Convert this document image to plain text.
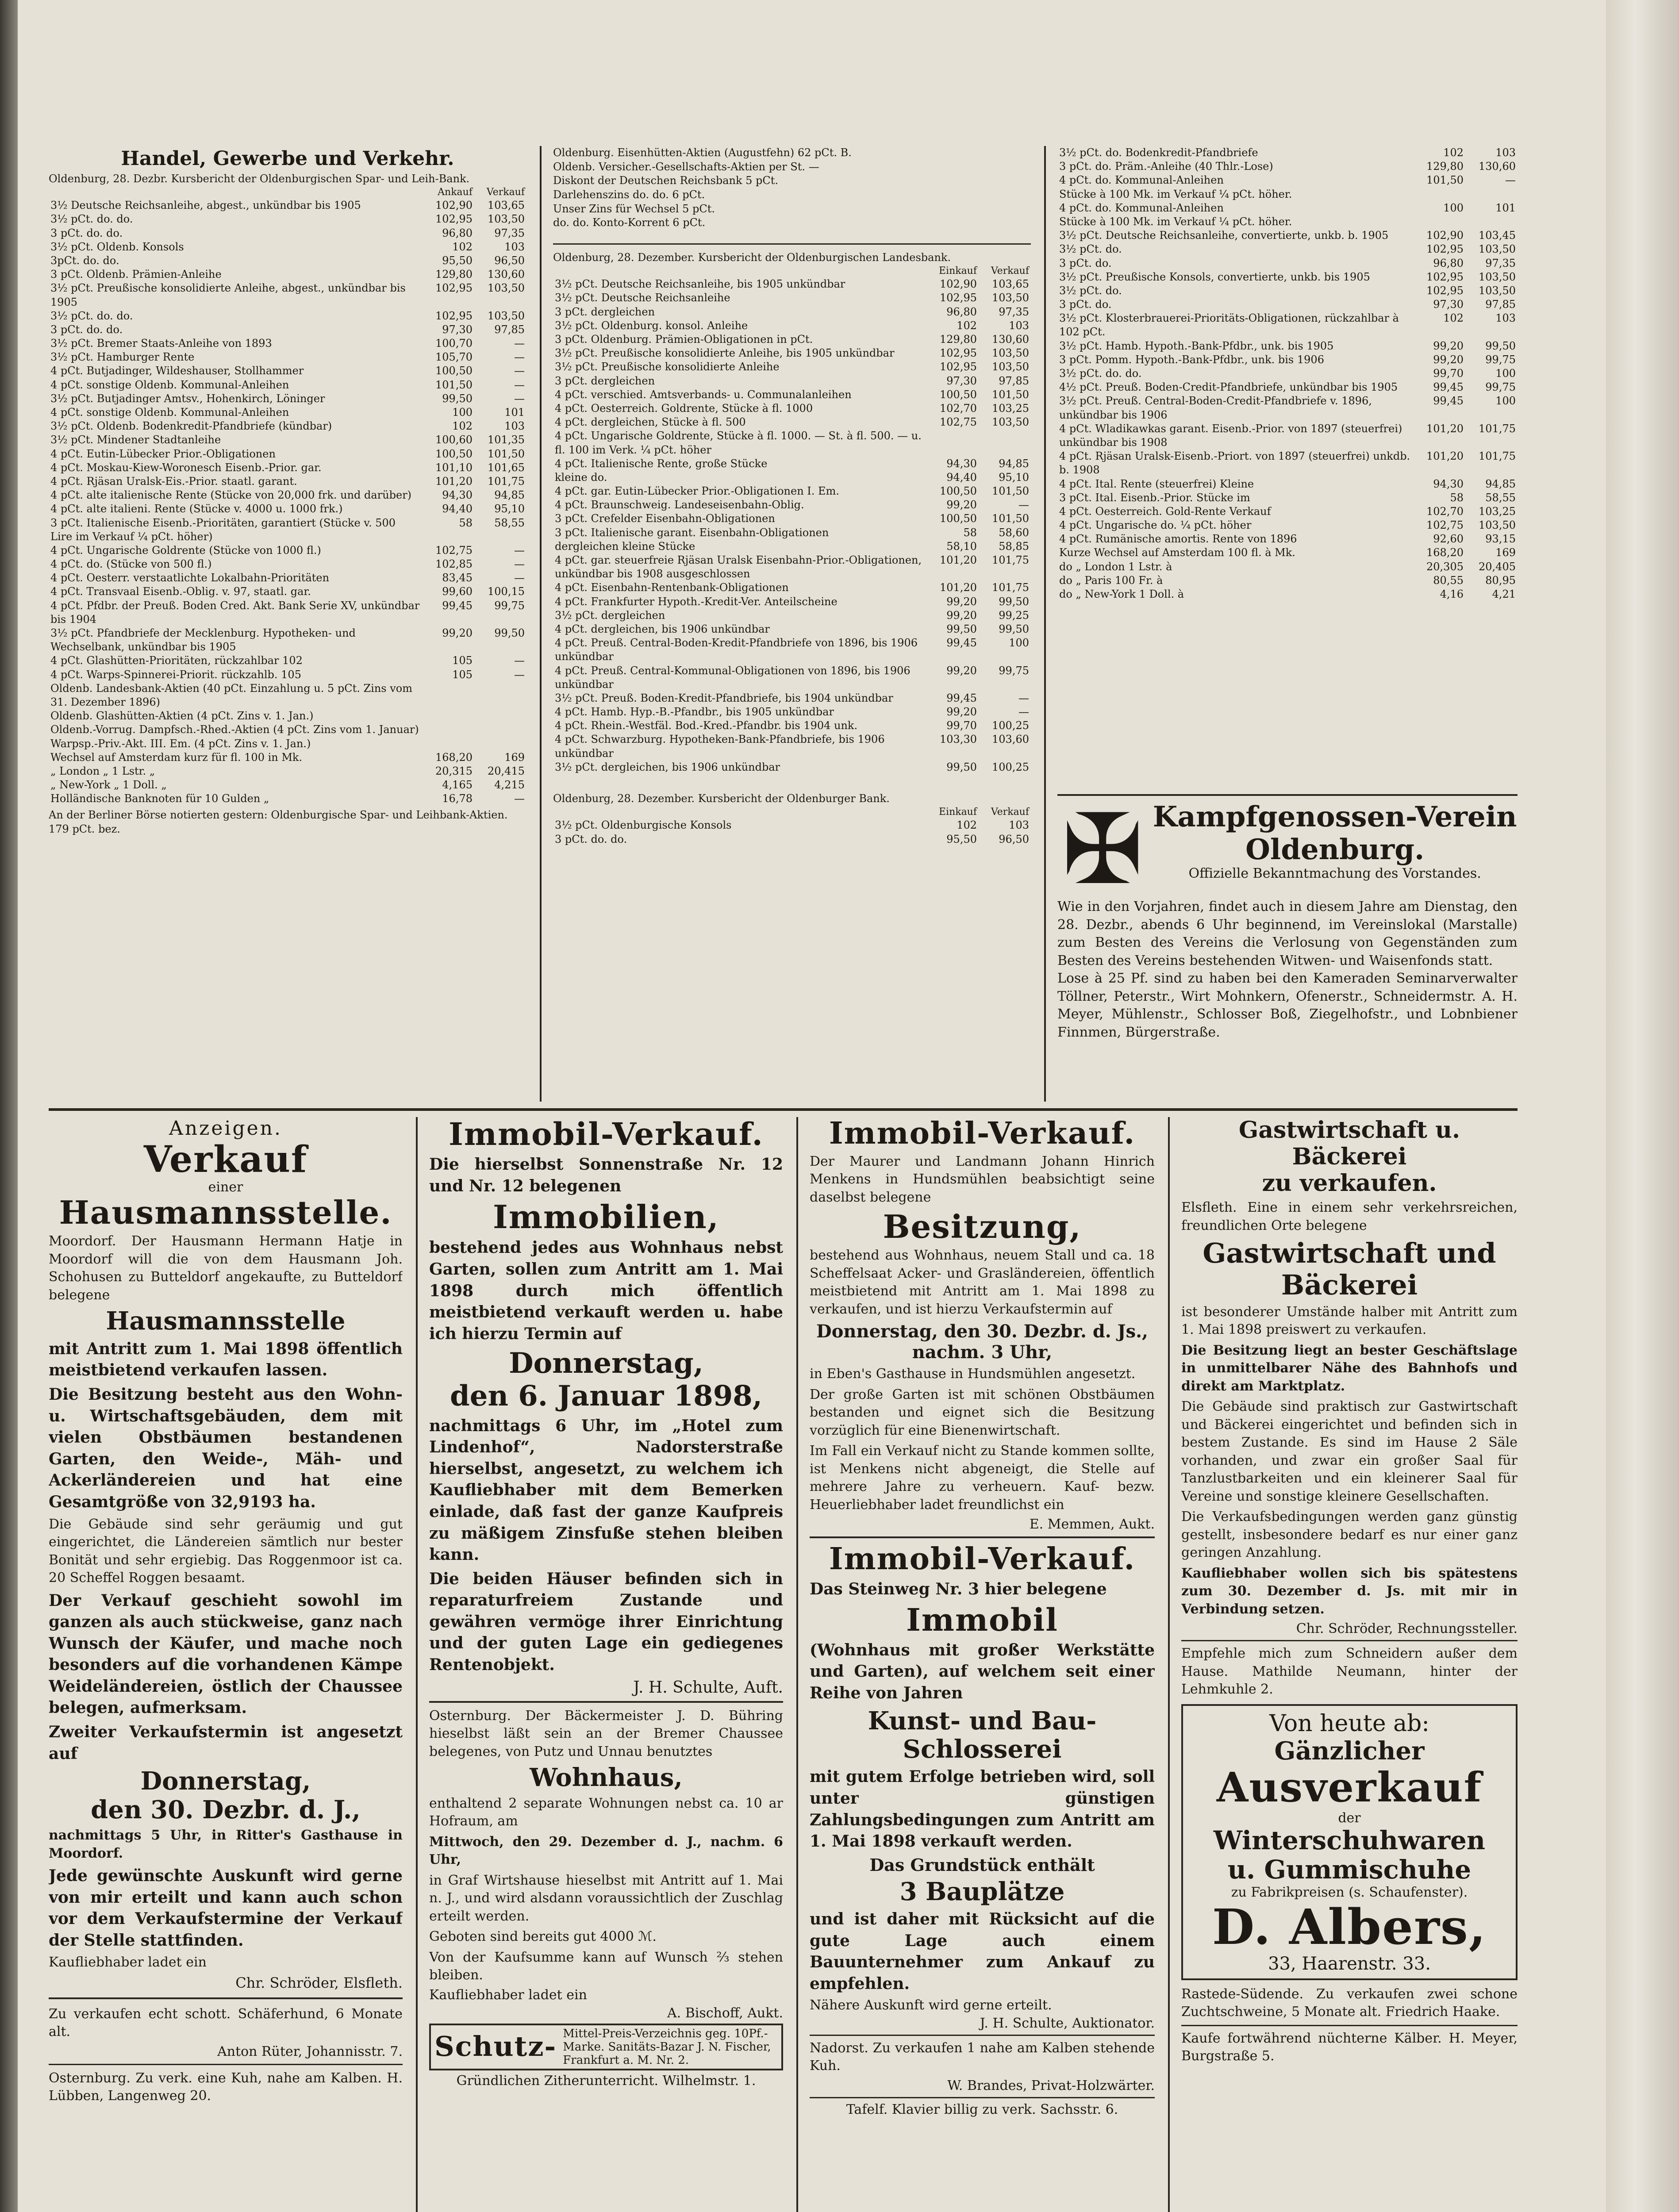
Handel, Gewerbe und Verkehr.
Oldenburg, 28. Dezbr. Kursbericht der Oldenburgischen Spar- und Leih-Bank.
	Ankauf	Verkauf
3½ Deutsche Reichsanleihe, abgest., unkündbar bis 1905	102,90	103,65
3½ pCt. do. do.	102,95	103,50
3 pCt. do. do.	96,80	97,35
3½ pCt. Oldenb. Konsols	102	103
3pCt. do. do.	95,50	96,50
3 pCt. Oldenb. Prämien-Anleihe	129,80	130,60
3½ pCt. Preußische konsolidierte Anleihe, abgest., unkündbar bis 1905	102,95	103,50
3½ pCt. do. do.	102,95	103,50
3 pCt. do. do.	97,30	97,85
3½ pCt. Bremer Staats-Anleihe von 1893	100,70	—
3½ pCt. Hamburger Rente	105,70	—
4 pCt. Butjadinger, Wildeshauser, Stollhammer	100,50	—
4 pCt. sonstige Oldenb. Kommunal-Anleihen	101,50	—
3½ pCt. Butjadinger Amtsv., Hohenkirch, Löninger	99,50	—
4 pCt. sonstige Oldenb. Kommunal-Anleihen	100	101
3½ pCt. Oldenb. Bodenkredit-Pfandbriefe (kündbar)	102	103
3½ pCt. Mindener Stadtanleihe	100,60	101,35
4 pCt. Eutin-Lübecker Prior.-Obligationen	100,50	101,50
4 pCt. Moskau-Kiew-Woronesch Eisenb.-Prior. gar.	101,10	101,65
4 pCt. Rjäsan Uralsk-Eis.-Prior. staatl. garant.	101,20	101,75
4 pCt. alte italienische Rente (Stücke von 20,000 frk. und darüber)	94,30	94,85
4 pCt. alte italieni. Rente (Stücke v. 4000 u. 1000 frk.)	94,40	95,10
3 pCt. Italienische Eisenb.-Prioritäten, garantiert (Stücke v. 500 Lire im Verkauf ¼ pCt. höher)	58	58,55
4 pCt. Ungarische Goldrente (Stücke von 1000 fl.)	102,75	—
4 pCt. do. (Stücke von 500 fl.)	102,85	—
4 pCt. Oesterr. verstaatlichte Lokalbahn-Prioritäten	83,45	—
4 pCt. Transvaal Eisenb.-Oblig. v. 97, staatl. gar.	99,60	100,15
4 pCt. Pfdbr. der Preuß. Boden Cred. Akt. Bank Serie XV, unkündbar bis 1904	99,45	99,75
3½ pCt. Pfandbriefe der Mecklenburg. Hypotheken- und Wechselbank, unkündbar bis 1905	99,20	99,50
4 pCt. Glashütten-Prioritäten, rückzahlbar 102	105	—
4 pCt. Warps-Spinnerei-Priorit. rückzahlb. 105	105	—
Oldenb. Landesbank-Aktien (40 pCt. Einzahlung u. 5 pCt. Zins vom 31. Dezember 1896)		
Oldenb. Glashütten-Aktien (4 pCt. Zins v. 1. Jan.)		
Oldenb.-Vorrug. Dampfsch.-Rhed.-Aktien (4 pCt. Zins vom 1. Januar)		
Warpsp.-Priv.-Akt. III. Em. (4 pCt. Zins v. 1. Jan.)		
Wechsel auf Amsterdam kurz für fl. 100 in Mk.	168,20	169
„ London „ 1 Lstr. „	20,315	20,415
„ New-York „ 1 Doll. „	4,165	4,215
Holländische Banknoten für 10 Gulden „	16,78	—
An der Berliner Börse notierten gestern: Oldenburgische Spar- und Leihbank-Aktien. 179 pCt. bez.
Oldenburg. Eisenhütten-Aktien (Augustfehn) 62 pCt. B.
Oldenb. Versicher.-Gesellschafts-Aktien per St. —
Diskont der Deutschen Reichsbank 5 pCt.
Darlehenszins do. do. 6 pCt.
Unser Zins für Wechsel 5 pCt.
do. do. Konto-Korrent 6 pCt.
Oldenburg, 28. Dezember. Kursbericht der Oldenburgischen Landesbank.
	Einkauf	Verkauf
3½ pCt. Deutsche Reichsanleihe, bis 1905 unkündbar	102,90	103,65
3½ pCt. Deutsche Reichsanleihe	102,95	103,50
3 pCt. dergleichen	96,80	97,35
3½ pCt. Oldenburg. konsol. Anleihe	102	103
3 pCt. Oldenburg. Prämien-Obligationen in pCt.	129,80	130,60
3½ pCt. Preußische konsolidierte Anleihe, bis 1905 unkündbar	102,95	103,50
3½ pCt. Preußische konsolidierte Anleihe	102,95	103,50
3 pCt. dergleichen	97,30	97,85
4 pCt. verschied. Amtsverbands- u. Communalanleihen	100,50	101,50
4 pCt. Oesterreich. Goldrente, Stücke à fl. 1000	102,70	103,25
4 pCt. dergleichen, Stücke à fl. 500	102,75	103,50
4 pCt. Ungarische Goldrente, Stücke à fl. 1000. — St. à fl. 500. — u. fl. 100 im Verk. ¼ pCt. höher		
4 pCt. Italienische Rente, große Stücke	94,30	94,85
kleine do.	94,40	95,10
4 pCt. gar. Eutin-Lübecker Prior.-Obligationen I. Em.	100,50	101,50
4 pCt. Braunschweig. Landeseisenbahn-Oblig.	99,20	—
3 pCt. Crefelder Eisenbahn-Obligationen	100,50	101,50
3 pCt. Italienische garant. Eisenbahn-Obligationen	58	58,60
dergleichen kleine Stücke	58,10	58,85
4 pCt. gar. steuerfreie Rjäsan Uralsk Eisenbahn-Prior.-Obligationen, unkündbar bis 1908 ausgeschlossen	101,20	101,75
4 pCt. Eisenbahn-Rentenbank-Obligationen	101,20	101,75
4 pCt. Frankfurter Hypoth.-Kredit-Ver. Anteilscheine	99,20	99,50
3½ pCt. dergleichen	99,20	99,25
4 pCt. dergleichen, bis 1906 unkündbar	99,50	99,50
4 pCt. Preuß. Central-Boden-Kredit-Pfandbriefe von 1896, bis 1906 unkündbar	99,45	100
4 pCt. Preuß. Central-Kommunal-Obligationen von 1896, bis 1906 unkündbar	99,20	99,75
3½ pCt. Preuß. Boden-Kredit-Pfandbriefe, bis 1904 unkündbar	99,45	—
4 pCt. Hamb. Hyp.-B.-Pfandbr., bis 1905 unkündbar	99,20	—
4 pCt. Rhein.-Westfäl. Bod.-Kred.-Pfandbr. bis 1904 unk.	99,70	100,25
4 pCt. Schwarzburg. Hypotheken-Bank-Pfandbriefe, bis 1906 unkündbar	103,30	103,60
3½ pCt. dergleichen, bis 1906 unkündbar	99,50	100,25
Oldenburg, 28. Dezember. Kursbericht der Oldenburger Bank.
	Einkauf	Verkauf
3½ pCt. Oldenburgische Konsols	102	103
3 pCt. do. do.	95,50	96,50
3½ pCt. do. Bodenkredit-Pfandbriefe	102	103
3 pCt. do. Präm.-Anleihe (40 Thlr.-Lose)	129,80	130,60
4 pCt. do. Kommunal-Anleihen	101,50	—
Stücke à 100 Mk. im Verkauf ¼ pCt. höher.		
4 pCt. do. Kommunal-Anleihen	100	101
Stücke à 100 Mk. im Verkauf ¼ pCt. höher.		
3½ pCt. Deutsche Reichsanleihe, convertierte, unkb. b. 1905	102,90	103,45
3½ pCt. do.	102,95	103,50
3 pCt. do.	96,80	97,35
3½ pCt. Preußische Konsols, convertierte, unkb. bis 1905	102,95	103,50
3½ pCt. do.	102,95	103,50
3 pCt. do.	97,30	97,85
3½ pCt. Klosterbrauerei-Prioritäts-Obligationen, rückzahlbar à 102 pCt.	102	103
3½ pCt. Hamb. Hypoth.-Bank-Pfdbr., unk. bis 1905	99,20	99,50
3 pCt. Pomm. Hypoth.-Bank-Pfdbr., unk. bis 1906	99,20	99,75
3½ pCt. do. do.	99,70	100
4½ pCt. Preuß. Boden-Credit-Pfandbriefe, unkündbar bis 1905	99,45	99,75
3½ pCt. Preuß. Central-Boden-Credit-Pfandbriefe v. 1896, unkündbar bis 1906	99,45	100
4 pCt. Wladikawkas garant. Eisenb.-Prior. von 1897 (steuerfrei) unkündbar bis 1908	101,20	101,75
4 pCt. Rjäsan Uralsk-Eisenb.-Priort. von 1897 (steuerfrei) unkdb. b. 1908	101,20	101,75
4 pCt. Ital. Rente (steuerfrei) Kleine	94,30	94,85
3 pCt. Ital. Eisenb.-Prior. Stücke im	58	58,55
4 pCt. Oesterreich. Gold-Rente Verkauf	102,70	103,25
4 pCt. Ungarische do. ¼ pCt. höher	102,75	103,50
4 pCt. Rumänische amortis. Rente von 1896	92,60	93,15
Kurze Wechsel auf Amsterdam 100 fl. à Mk.	168,20	169
do „ London 1 Lstr. à	20,305	20,405
do „ Paris 100 Fr. à	80,55	80,95
do „ New-York 1 Doll. à	4,16	4,21
✠ Kampfgenossen-Verein
Oldenburg.
Offizielle Bekanntmachung des Vorstandes.
Wie in den Vorjahren, findet auch in diesem Jahre am Dienstag, den 28. Dezbr., abends 6 Uhr beginnend, im Vereinslokal (Marstalle) zum Besten des Vereins die Verlosung von Gegenständen zum Besten des Vereins bestehenden Witwen- und Waisenfonds statt.
Lose à 25 Pf. sind zu haben bei den Kameraden Seminarverwalter Töllner, Peterstr., Wirt Mohnkern, Ofenerstr., Schneidermstr. A. H. Meyer, Mühlenstr., Schlosser Boß, Ziegelhofstr., und Lobnbiener Finnmen, Bürgerstraße.
Anzeigen.
Verkauf
einer
Hausmannsstelle.

Moordorf. Der Hausmann Hermann Hatje in Moordorf will die von dem Hausmann Joh. Schohusen zu Butteldorf angekaufte, zu Butteldorf belegene

Hausmannsstelle

mit Antritt zum 1. Mai 1898 öffentlich meistbietend verkaufen lassen.

Die Besitzung besteht aus den Wohn- u. Wirtschaftsgebäuden, dem mit vielen Obstbäumen bestandenen Garten, den Weide-, Mäh- und Ackerländereien und hat eine Gesamtgröße von 32,9193 ha.

Die Gebäude sind sehr geräumig und gut eingerichtet, die Ländereien sämtlich nur bester Bonität und sehr ergiebig. Das Roggenmoor ist ca. 20 Scheffel Roggen besaamt.

Der Verkauf geschieht sowohl im ganzen als auch stückweise, ganz nach Wunsch der Käufer, und mache noch besonders auf die vorhandenen Kämpe Weideländereien, östlich der Chaussee belegen, aufmerksam.

Zweiter Verkaufstermin ist angesetzt auf

Donnerstag,
den 30. Dezbr. d. J.,

nachmittags 5 Uhr, in Ritter's Gasthause in Moordorf.

Jede gewünschte Auskunft wird gerne von mir erteilt und kann auch schon vor dem Verkaufstermine der Verkauf der Stelle stattfinden.

Kaufliebhaber ladet ein

Chr. Schröder, Elsfleth.

Zu verkaufen echt schott. Schäferhund, 6 Monate alt.

Anton Rüter, Johannisstr. 7.

Osternburg. Zu verk. eine Kuh, nahe am Kalben. H. Lübben, Langenweg 20.

Immobil-Verkauf.

Die hierselbst Sonnenstraße Nr. 12 und Nr. 12 belegenen

Immobilien,

bestehend jedes aus Wohnhaus nebst Garten, sollen zum Antritt am 1. Mai 1898 durch mich öffentlich meistbietend verkauft werden u. habe ich hierzu Termin auf

Donnerstag,
den 6. Januar 1898,

nachmittags 6 Uhr, im „Hotel zum Lindenhof“, Nadorsterstraße hierselbst, angesetzt, zu welchem ich Kaufliebhaber mit dem Bemerken einlade, daß fast der ganze Kaufpreis zu mäßigem Zinsfuße stehen bleiben kann.

Die beiden Häuser befinden sich in reparaturfreiem Zustande und gewähren vermöge ihrer Einrichtung und der guten Lage ein gediegenes Rentenobjekt.

J. H. Schulte, Auft.

Osternburg. Der Bäckermeister J. D. Bühring hieselbst läßt sein an der Bremer Chaussee belegenes, von Putz und Unnau benutztes

Wohnhaus,

enthaltend 2 separate Wohnungen nebst ca. 10 ar Hofraum, am

Mittwoch, den 29. Dezember d. J., nachm. 6 Uhr,

in Graf Wirtshause hieselbst mit Antritt auf 1. Mai n. J., und wird alsdann voraussichtlich der Zuschlag erteilt werden.

Geboten sind bereits gut 4000 ℳ.

Von der Kaufsumme kann auf Wunsch ⅔ stehen bleiben.

Kaufliebhaber ladet ein

A. Bischoff, Aukt.

Schutz- Mittel-Preis-Verzeichnis geg. 10Pf.-Marke. Sanitäts-Bazar J. N. Fischer, Frankfurt a. M. Nr. 2.

Gründlichen Zitherunterricht. Wilhelmstr. 1.

Immobil-Verkauf.

Der Maurer und Landmann Johann Hinrich Menkens in Hundsmühlen beabsichtigt seine daselbst belegene

Besitzung,

bestehend aus Wohnhaus, neuem Stall und ca. 18 Scheffelsaat Acker- und Grasländereien, öffentlich meistbietend mit Antritt am 1. Mai 1898 zu verkaufen, und ist hierzu Verkaufstermin auf

Donnerstag, den 30. Dezbr. d. Js., nachm. 3 Uhr,

in Eben's Gasthause in Hundsmühlen angesetzt.

Der große Garten ist mit schönen Obstbäumen bestanden und eignet sich die Besitzung vorzüglich für eine Bienenwirtschaft.

Im Fall ein Verkauf nicht zu Stande kommen sollte, ist Menkens nicht abgeneigt, die Stelle auf mehrere Jahre zu verheuern. Kauf- bezw. Heuerliebhaber ladet freundlichst ein

E. Memmen, Aukt.

Immobil-Verkauf.

Das Steinweg Nr. 3 hier belegene

Immobil

(Wohnhaus mit großer Werkstätte und Garten), auf welchem seit einer Reihe von Jahren

Kunst- und Bau-
Schlosserei

mit gutem Erfolge betrieben wird, soll unter günstigen Zahlungsbedingungen zum Antritt am 1. Mai 1898 verkauft werden.

Das Grundstück enthält

3 Bauplätze

und ist daher mit Rücksicht auf die gute Lage auch einem Bauunternehmer zum Ankauf zu empfehlen.

Nähere Auskunft wird gerne erteilt.

J. H. Schulte, Auktionator.

Nadorst. Zu verkaufen 1 nahe am Kalben stehende Kuh.

W. Brandes, Privat-Holzwärter.

Tafelf. Klavier billig zu verk. Sachsstr. 6.

Gastwirtschaft u. Bäckerei
zu verkaufen.

Elsfleth. Eine in einem sehr verkehrsreichen, freundlichen Orte belegene

Gastwirtschaft und
Bäckerei

ist besonderer Umstände halber mit Antritt zum 1. Mai 1898 preiswert zu verkaufen.

Die Besitzung liegt an bester Geschäftslage in unmittelbarer Nähe des Bahnhofs und direkt am Marktplatz.

Die Gebäude sind praktisch zur Gastwirtschaft und Bäckerei eingerichtet und befinden sich in bestem Zustande. Es sind im Hause 2 Säle vorhanden, und zwar ein großer Saal für Tanzlustbarkeiten und ein kleinerer Saal für Vereine und sonstige kleinere Gesellschaften.

Die Verkaufsbedingungen werden ganz günstig gestellt, insbesondere bedarf es nur einer ganz geringen Anzahlung.

Kaufliebhaber wollen sich bis spätestens zum 30. Dezember d. Js. mit mir in Verbindung setzen.

Chr. Schröder, Rechnungssteller.

Empfehle mich zum Schneidern außer dem Hause. Mathilde Neumann, hinter der Lehmkuhle 2.

Von heute ab:
Gänzlicher
Ausverkauf
der
Winterschuhwaren
u. Gummischuhe
zu Fabrikpreisen (s. Schaufenster).
D. Albers,
33, Haarenstr. 33.

Rastede-Südende. Zu verkaufen zwei schone Zuchtschweine, 5 Monate alt. Friedrich Haake.

Kaufe fortwährend nüchterne Kälber. H. Meyer, Burgstraße 5.
